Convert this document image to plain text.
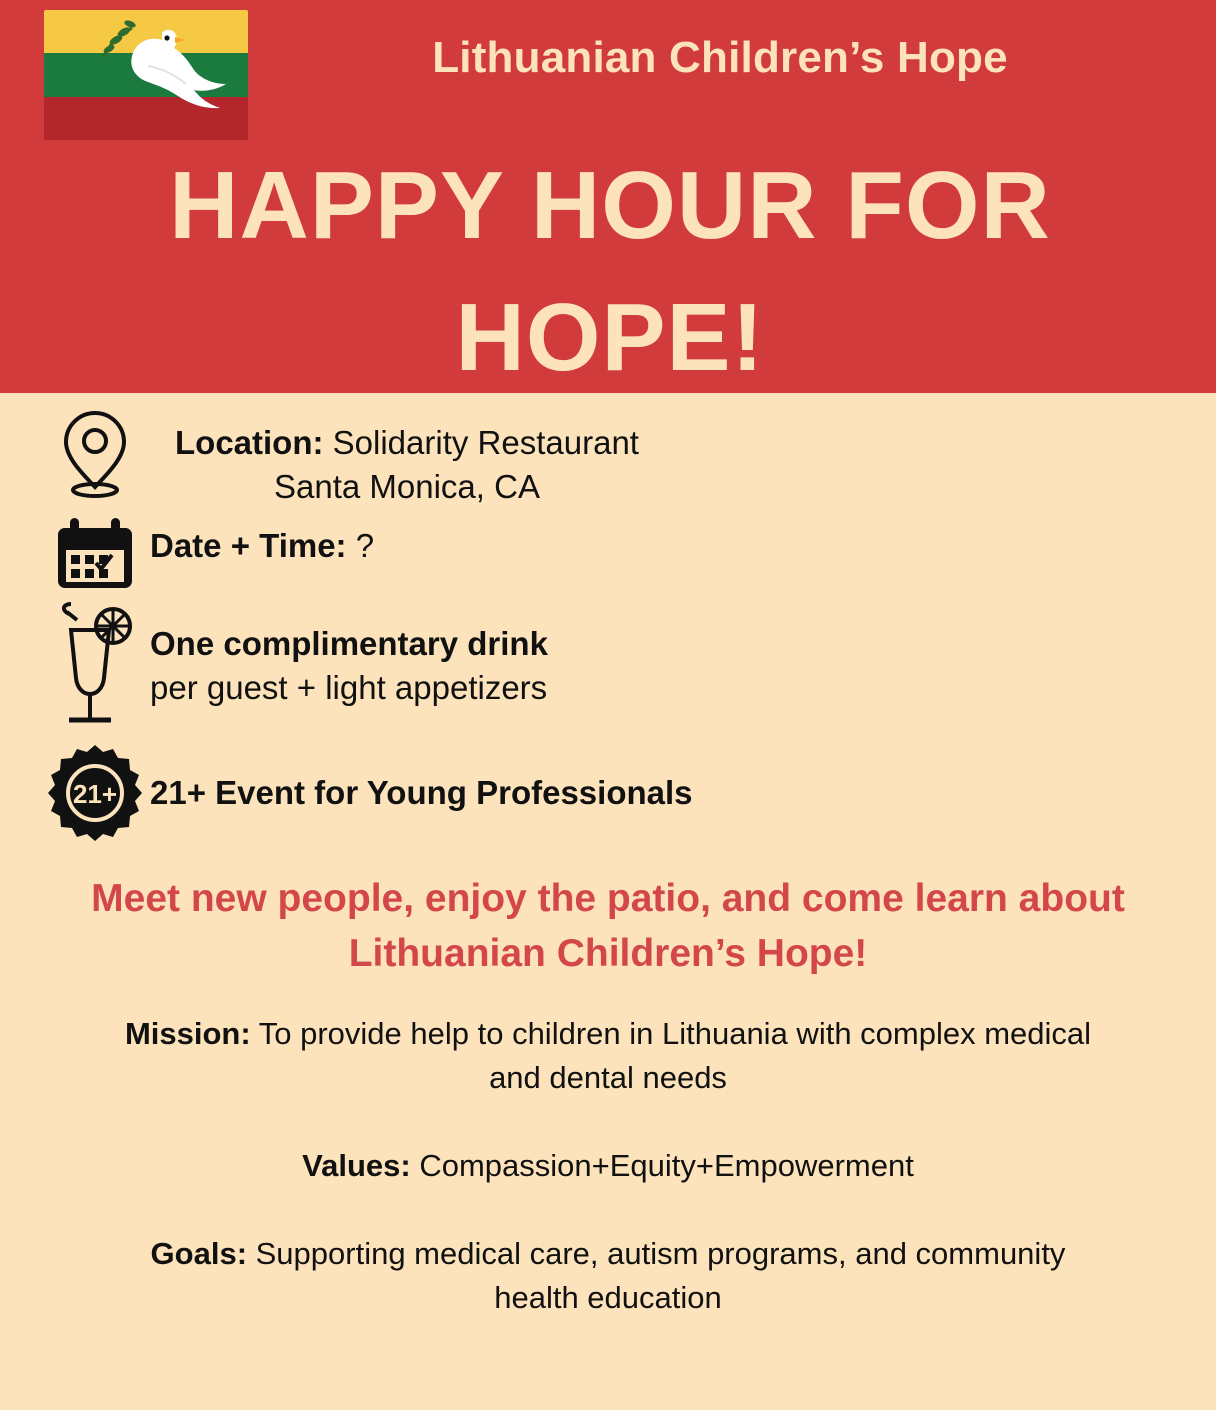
Lithuanian Children’s Hope
HAPPY HOUR FOR HOPE!
Location: Solidarity Restaurant
Santa Monica, CA
Date + Time: ?
One complimentary drink
per guest + light appetizers
21+ 21+ Event for Young Professionals
Meet new people, enjoy the patio, and come learn about Lithuanian Children’s Hope!
Mission: To provide help to children in Lithuania with complex medical and dental needs
Values: Compassion+Equity+Empowerment
Goals: Supporting medical care, autism programs, and community health education
